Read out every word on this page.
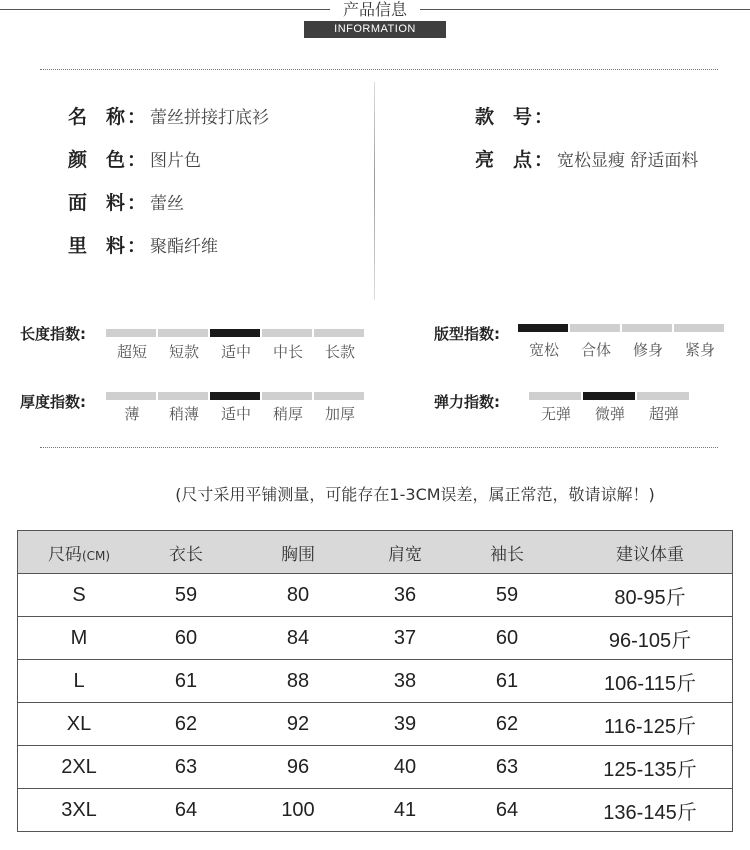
产品信息
INFORMATION
名　称 ： 蕾丝拼接打底衫
颜　色 ： 图片色
面　料 ： 蕾丝
里　料 ： 聚酯纤维
款　号 ：
亮　点 ： 宽松显瘦 舒适面料
长度指数:
超短	短款	适中	中长	长款
版型指数:
宽松	合体	修身	紧身
厚度指数:
薄	稍薄	适中	稍厚	加厚
弹力指数:
无弹	微弹	超弹
(尺寸采用平铺测量，可能存在1-3CM误差，属正常范，敬请谅解！)
尺码(CM)	衣长	胸围	肩宽	袖长	建议体重
S	59	80	36	59	80-95斤
M	60	84	37	60	96-105斤
L	61	88	38	61	106-115斤
XL	62	92	39	62	116-125斤
2XL	63	96	40	63	125-135斤
3XL	64	100	41	64	136-145斤
